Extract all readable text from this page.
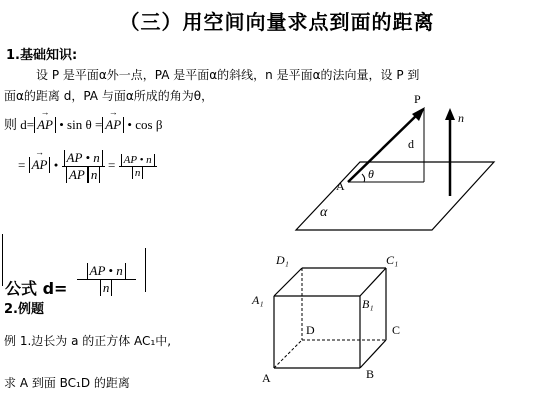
（三）用空间向量求点到面的距离
1.基础知识:
设 P 是平面α外一点，PA 是平面α的斜线，n 是平面α的法向量，设 P 到
面α的距离 d，PA 与面α所成的角为θ，
则 d= → AP • sin θ = → AP • cos β
= → AP • $\frac{AP • n}{\text{AP n}} = \frac{AP • n}{n}$
公式 $d= \frac{AP • n}{n}$

2.例题
例 1.边长为 a 的正方体 AC₁中,
求 A 到面 BC₁D 的距离
P
n
d
A
θ
α
D₁	C₁
A₁	B₁
D	C
A	B
